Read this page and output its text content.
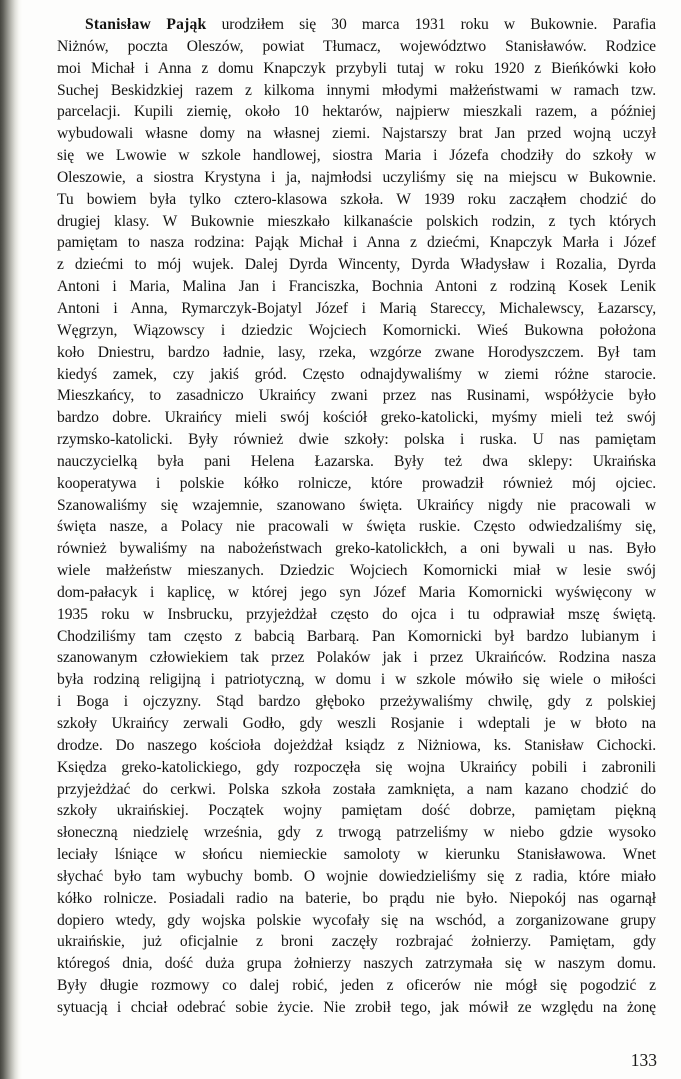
Stanisław Pająk urodziłem się 30 marca 1931 roku w Bukownie. Parafia
Niżnów, poczta Oleszów, powiat Tłumacz, województwo Stanisławów. Rodzice
moi Michał i Anna z domu Knapczyk przybyli tutaj w roku 1920 z Bieńkówki koło
Suchej Beskidzkiej razem z kilkoma innymi młodymi małżeństwami w ramach tzw.
parcelacji. Kupili ziemię, około 10 hektarów, najpierw mieszkali razem, a później
wybudowali własne domy na własnej ziemi. Najstarszy brat Jan przed wojną uczył
się we Lwowie w szkole handlowej, siostra Maria i Józefa chodziły do szkoły w
Oleszowie, a siostra Krystyna i ja, najmłodsi uczyliśmy się na miejscu w Bukownie.
Tu bowiem była tylko cztero-klasowa szkoła. W 1939 roku zacząłem chodzić do
drugiej klasy. W Bukownie mieszkało kilkanaście polskich rodzin, z tych których
pamiętam to nasza rodzina: Pająk Michał i Anna z dziećmi, Knapczyk Marła i Józef
z dziećmi to mój wujek. Dalej Dyrda Wincenty, Dyrda Władysław i Rozalia, Dyrda
Antoni i Maria, Malina Jan i Franciszka, Bochnia Antoni z rodziną Kosek Lenik
Antoni i Anna, Rymarczyk-Bojatyl Józef i Marią Stareccy, Michalewscy, Łazarscy,
Węgrzyn, Wiązowscy i dziedzic Wojciech Komornicki. Wieś Bukowna położona
koło Dniestru, bardzo ładnie, lasy, rzeka, wzgórze zwane Horodyszczem. Był tam
kiedyś zamek, czy jakiś gród. Często odnajdywaliśmy w ziemi różne starocie.
Mieszkańcy, to zasadniczo Ukraińcy zwani przez nas Rusinami, współżycie było
bardzo dobre. Ukraińcy mieli swój kościół greko-katolicki, myśmy mieli też swój
rzymsko-katolicki. Były również dwie szkoły: polska i ruska. U nas pamiętam
nauczycielką była pani Helena Łazarska. Były też dwa sklepy: Ukraińska
kooperatywa i polskie kółko rolnicze, które prowadził również mój ojciec.
Szanowaliśmy się wzajemnie, szanowano święta. Ukraińcy nigdy nie pracowali w
święta nasze, a Polacy nie pracowali w święta ruskie. Często odwiedzaliśmy się,
również bywaliśmy na nabożeństwach greko-katolickłch, a oni bywali u nas. Było
wiele małżeństw mieszanych. Dziedzic Wojciech Komornicki miał w lesie swój
dom-pałacyk i kaplicę, w której jego syn Józef Maria Komornicki wyświęcony w
1935 roku w Insbrucku, przyjeżdżał często do ojca i tu odprawiał mszę świętą.
Chodziliśmy tam często z babcią Barbarą. Pan Komornicki był bardzo lubianym i
szanowanym człowiekiem tak przez Polaków jak i przez Ukraińców. Rodzina nasza
była rodziną religijną i patriotyczną, w domu i w szkole mówiło się wiele o miłości
i Boga i ojczyzny. Stąd bardzo głęboko przeżywaliśmy chwilę, gdy z polskiej
szkoły Ukraińcy zerwali Godło, gdy weszli Rosjanie i wdeptali je w błoto na
drodze. Do naszego kościoła dojeżdżał ksiądz z Niżniowa, ks. Stanisław Cichocki.
Księdza greko-katolickiego, gdy rozpoczęła się wojna Ukraińcy pobili i zabronili
przyjeżdżać do cerkwi. Polska szkoła została zamknięta, a nam kazano chodzić do
szkoły ukraińskiej. Początek wojny pamiętam dość dobrze, pamiętam piękną
słoneczną niedzielę września, gdy z trwogą patrzeliśmy w niebo gdzie wysoko
leciały lśniące w słońcu niemieckie samoloty w kierunku Stanisławowa. Wnet
słychać było tam wybuchy bomb. O wojnie dowiedzieliśmy się z radia, które miało
kółko rolnicze. Posiadali radio na baterie, bo prądu nie było. Niepokój nas ogarnął
dopiero wtedy, gdy wojska polskie wycofały się na wschód, a zorganizowane grupy
ukraińskie, już oficjalnie z broni zaczęły rozbrajać żołnierzy. Pamiętam, gdy
któregoś dnia, dość duża grupa żołnierzy naszych zatrzymała się w naszym domu.
Były długie rozmowy co dalej robić, jeden z oficerów nie mógł się pogodzić z
sytuacją i chciał odebrać sobie życie. Nie zrobił tego, jak mówił ze względu na żonę
133
